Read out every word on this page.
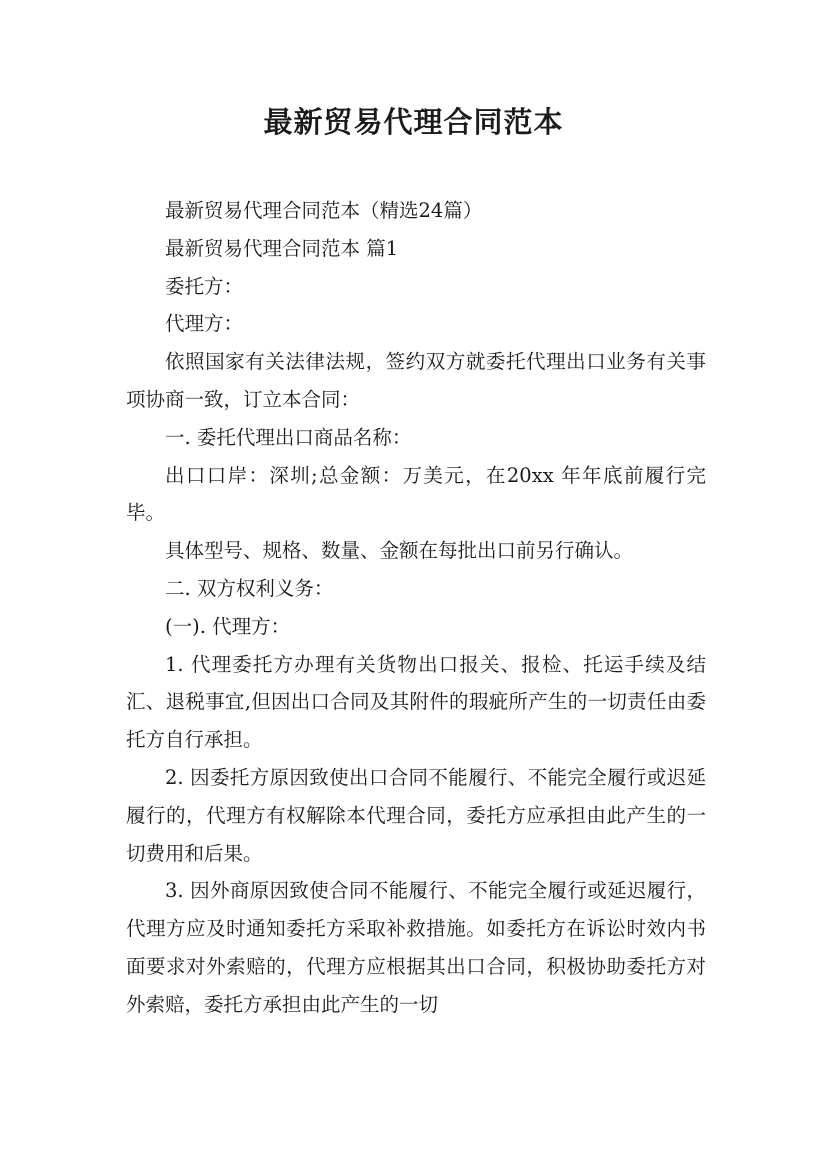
最新贸易代理合同范本

最新贸易代理合同范本（精选24篇）

最新贸易代理合同范本 篇1

委托方：

代理方：

依照国家有关法律法规，签约双方就委托代理出口业务有关事项协商一致，订立本合同：

一. 委托代理出口商品名称：

出口口岸：深圳;总金额：万美元，在20xx 年年底前履行完毕。

具体型号、规格、数量、金额在每批出口前另行确认。

二. 双方权利义务：

(一). 代理方：

1. 代理委托方办理有关货物出口报关、报检、托运手续及结汇、退税事宜,但因出口合同及其附件的瑕疵所产生的一切责任由委托方自行承担。

2. 因委托方原因致使出口合同不能履行、不能完全履行或迟延履行的，代理方有权解除本代理合同，委托方应承担由此产生的一切费用和后果。

3. 因外商原因致使合同不能履行、不能完全履行或延迟履行，代理方应及时通知委托方采取补救措施。如委托方在诉讼时效内书面要求对外索赔的，代理方应根据其出口合同，积极协助委托方对外索赔，委托方承担由此产生的一切
